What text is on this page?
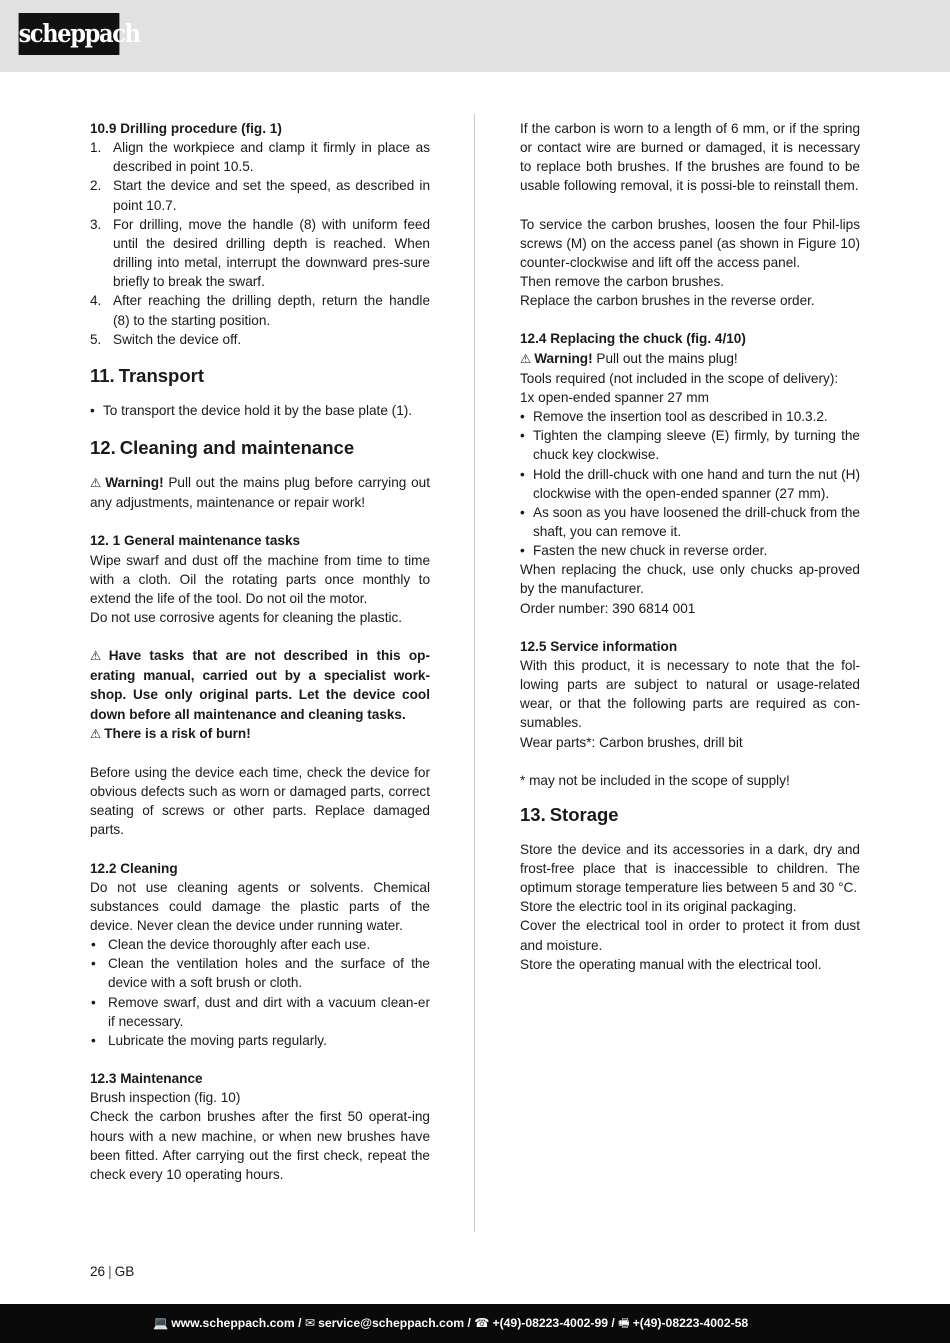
scheppach

10.9 Drilling procedure (fig. 1)

1. Align the workpiece and clamp it firmly in place as described in point 10.5.
2. Start the device and set the speed, as described in point 10.7.
3. For drilling, move the handle (8) with uniform feed until the desired drilling depth is reached. When drilling into metal, interrupt the downward pres-sure briefly to break the swarf.
4. After reaching the drilling depth, return the handle (8) to the starting position.
5. Switch the device off.
11. Transport
• To transport the device hold it by the base plate (1).
12. Cleaning and maintenance

⚠ Warning! Pull out the mains plug before carrying out any adjustments, maintenance or repair work!

12. 1 General maintenance tasks

Wipe swarf and dust off the machine from time to time with a cloth. Oil the rotating parts once monthly to extend the life of the tool. Do not oil the motor.

Do not use corrosive agents for cleaning the plastic.

⚠ Have tasks that are not described in this op-erating manual, carried out by a specialist work-shop. Use only original parts. Let the device cool down before all maintenance and cleaning tasks.

⚠ There is a risk of burn!

Before using the device each time, check the device for obvious defects such as worn or damaged parts, correct seating of screws or other parts. Replace damaged parts.

12.2 Cleaning

Do not use cleaning agents or solvents. Chemical substances could damage the plastic parts of the device. Never clean the device under running water.

• Clean the device thoroughly after each use.
• Clean the ventilation holes and the surface of the device with a soft brush or cloth.
• Remove swarf, dust and dirt with a vacuum clean-er if necessary.
• Lubricate the moving parts regularly.

12.3 Maintenance

Brush inspection (fig. 10)

Check the carbon brushes after the first 50 operat-ing hours with a new machine, or when new brushes have been fitted. After carrying out the first check, repeat the check every 10 operating hours.

If the carbon is worn to a length of 6 mm, or if the spring or contact wire are burned or damaged, it is necessary to replace both brushes. If the brushes are found to be usable following removal, it is possi-ble to reinstall them.

To service the carbon brushes, loosen the four Phil-lips screws (M) on the access panel (as shown in Figure 10) counter-clockwise and lift off the access panel.

Then remove the carbon brushes.

Replace the carbon brushes in the reverse order.

12.4 Replacing the chuck (fig. 4/10)

⚠ Warning! Pull out the mains plug!

Tools required (not included in the scope of delivery):

1x open-ended spanner 27 mm

• Remove the insertion tool as described in 10.3.2.
• Tighten the clamping sleeve (E) firmly, by turning the chuck key clockwise.
• Hold the drill-chuck with one hand and turn the nut (H) clockwise with the open-ended spanner (27 mm).
• As soon as you have loosened the drill-chuck from the shaft, you can remove it.
• Fasten the new chuck in reverse order.

When replacing the chuck, use only chucks ap-proved by the manufacturer.

Order number: 390 6814 001

12.5 Service information

With this product, it is necessary to note that the fol-lowing parts are subject to natural or usage-related wear, or that the following parts are required as con-sumables.

Wear parts*: Carbon brushes, drill bit

* may not be included in the scope of supply!

13. Storage

Store the device and its accessories in a dark, dry and frost-free place that is inaccessible to children. The optimum storage temperature lies between 5 and 30 °C.

Store the electric tool in its original packaging.

Cover the electrical tool in order to protect it from dust and moisture.

Store the operating manual with the electrical tool.

26 | GB
💻 www.scheppach.com / ✉ service@scheppach.com / ☎ +(49)-08223-4002-99 / 🖷 +(49)-08223-4002-58
